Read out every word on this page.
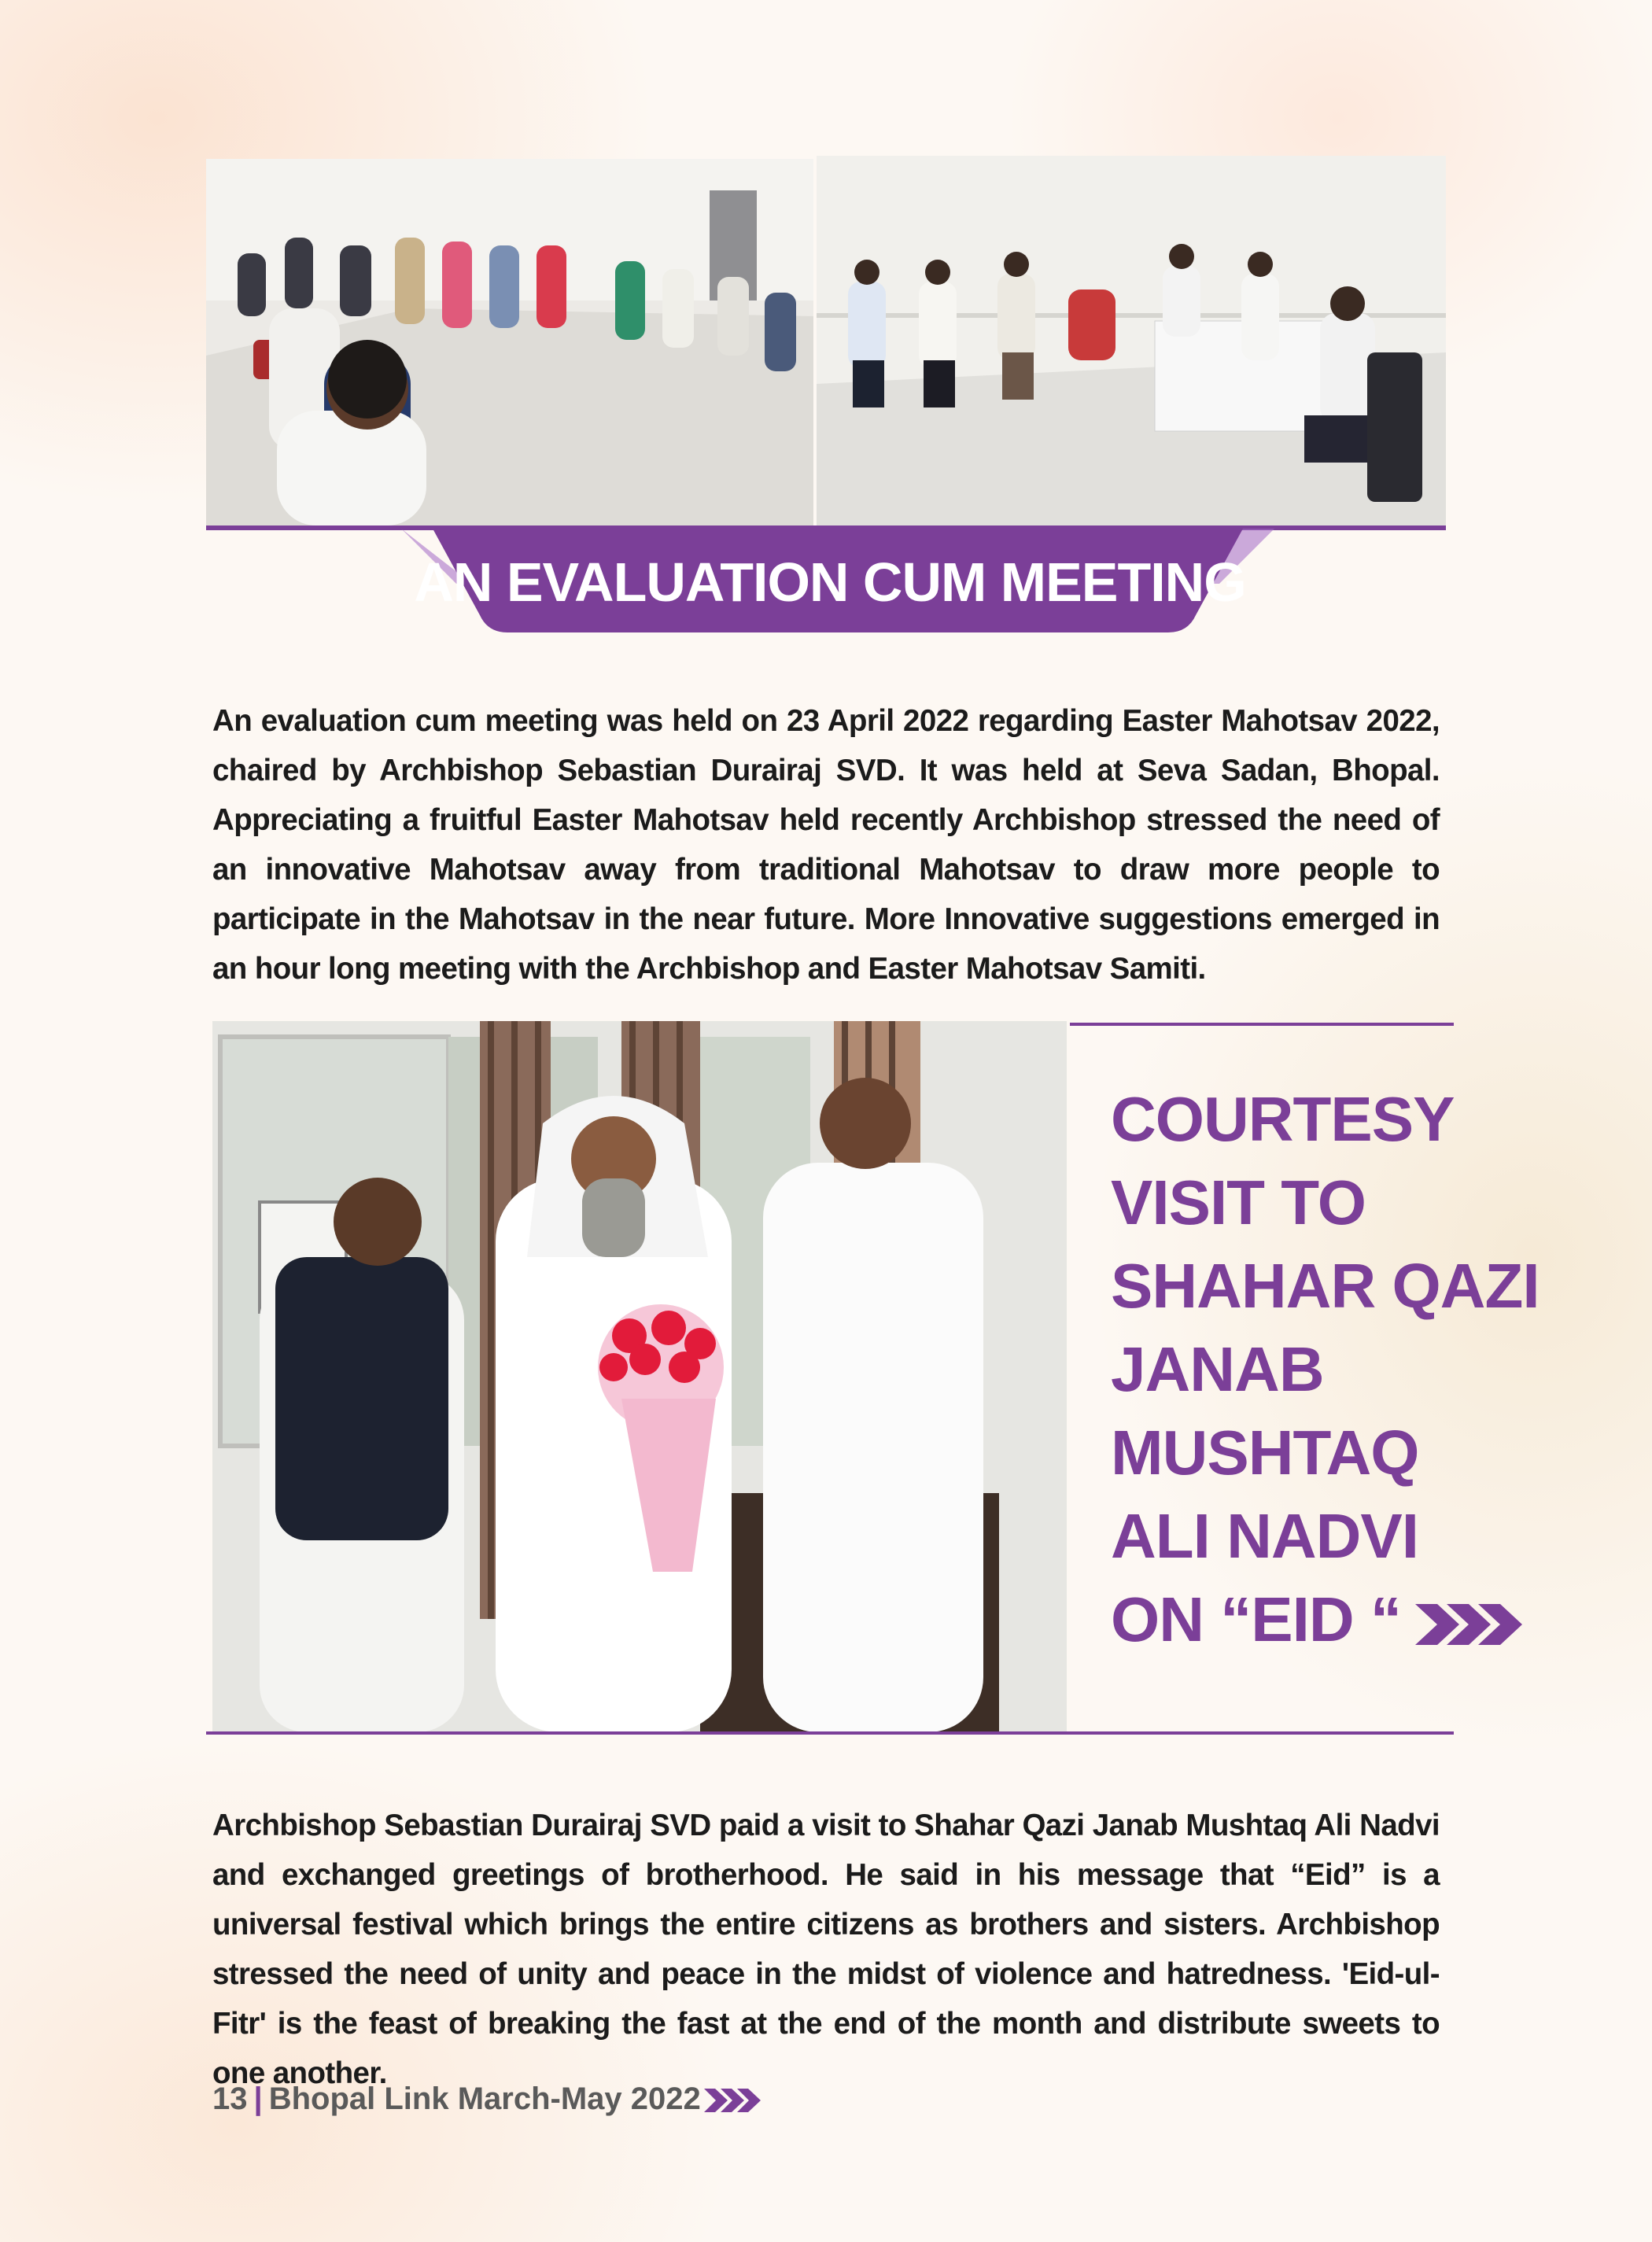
AN EVALUATION CUM MEETING

An evaluation cum meeting was held on 23 April 2022 regarding Easter Mahotsav 2022, chaired by Archbishop Sebastian Durairaj SVD. It was held at Seva Sadan, Bhopal. Appreciating a fruitful Easter Mahotsav held recently Archbishop stressed the need of an innovative Mahotsav away from traditional Mahotsav to draw more people to participate in the Mahotsav in the near future. More Innovative suggestions emerged in an hour long meeting with the Archbishop and Easter Mahotsav Samiti.

COURTESY
VISIT TO
SHAHAR QAZI
JANAB
MUSHTAQ
ALI NADVI
ON “EID “

Archbishop Sebastian Durairaj SVD paid a visit to Shahar Qazi Janab Mushtaq Ali Nadvi and exchanged greetings of brotherhood. He said in his message that “Eid” is a universal festival which brings the entire citizens as brothers and sisters. Archbishop stressed the need of unity and peace in the midst of violence and hatredness. 'Eid-ul-Fitr' is the feast of breaking the fast at the end of the month and distribute sweets to one another.

13 | Bhopal Link March-May 2022
